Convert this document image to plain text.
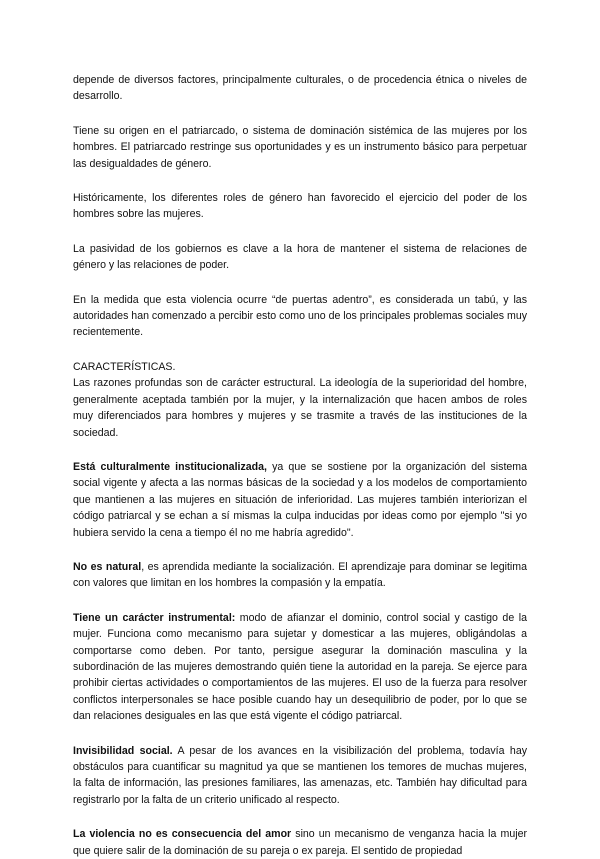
depende de diversos factores, principalmente culturales, o de procedencia étnica o niveles de desarrollo.

Tiene su origen en el patriarcado, o sistema de dominación sistémica de las mujeres por los hombres. El patriarcado restringe sus oportunidades y es un instrumento básico para perpetuar las desigualdades de género.

Históricamente, los diferentes roles de género han favorecido el ejercicio del poder de los hombres sobre las mujeres.

La pasividad de los gobiernos es clave a la hora de mantener el sistema de relaciones de género y las relaciones de poder.

En la medida que esta violencia ocurre “de puertas adentro”, es considerada un tabú, y las autoridades han comenzado a percibir esto como uno de los principales problemas sociales muy recientemente.

CARACTERÍSTICAS.

Las razones profundas son de carácter estructural. La ideología de la superioridad del hombre, generalmente aceptada también por la mujer, y la internalización que hacen ambos de roles muy diferenciados para hombres y mujeres y se trasmite a través de las instituciones de la sociedad.

Está culturalmente institucionalizada, ya que se sostiene por la organización del sistema social vigente y afecta a las normas básicas de la sociedad y a los modelos de comportamiento que mantienen a las mujeres en situación de inferioridad. Las mujeres también interiorizan el código patriarcal y se echan a sí mismas la culpa inducidas por ideas como por ejemplo "si yo hubiera servido la cena a tiempo él no me habría agredido".

No es natural, es aprendida mediante la socialización. El aprendizaje para dominar se legitima con valores que limitan en los hombres la compasión y la empatía.

Tiene un carácter instrumental: modo de afianzar el dominio, control social y castigo de la mujer. Funciona como mecanismo para sujetar y domesticar a las mujeres, obligándolas a comportarse como deben. Por tanto, persigue asegurar la dominación masculina y la subordinación de las mujeres demostrando quién tiene la autoridad en la pareja. Se ejerce para prohibir ciertas actividades o comportamientos de las mujeres. El uso de la fuerza para resolver conflictos interpersonales se hace posible cuando hay un desequilibrio de poder, por lo que se dan relaciones desiguales en las que está vigente el código patriarcal.

Invisibilidad social. A pesar de los avances en la visibilización del problema, todavía hay obstáculos para cuantificar su magnitud ya que se mantienen los temores de muchas mujeres, la falta de información, las presiones familiares, las amenazas, etc. También hay dificultad para registrarlo por la falta de un criterio unificado al respecto.

La violencia no es consecuencia del amor sino un mecanismo de venganza hacia la mujer que quiere salir de la dominación de su pareja o ex pareja. El sentido de propiedad
